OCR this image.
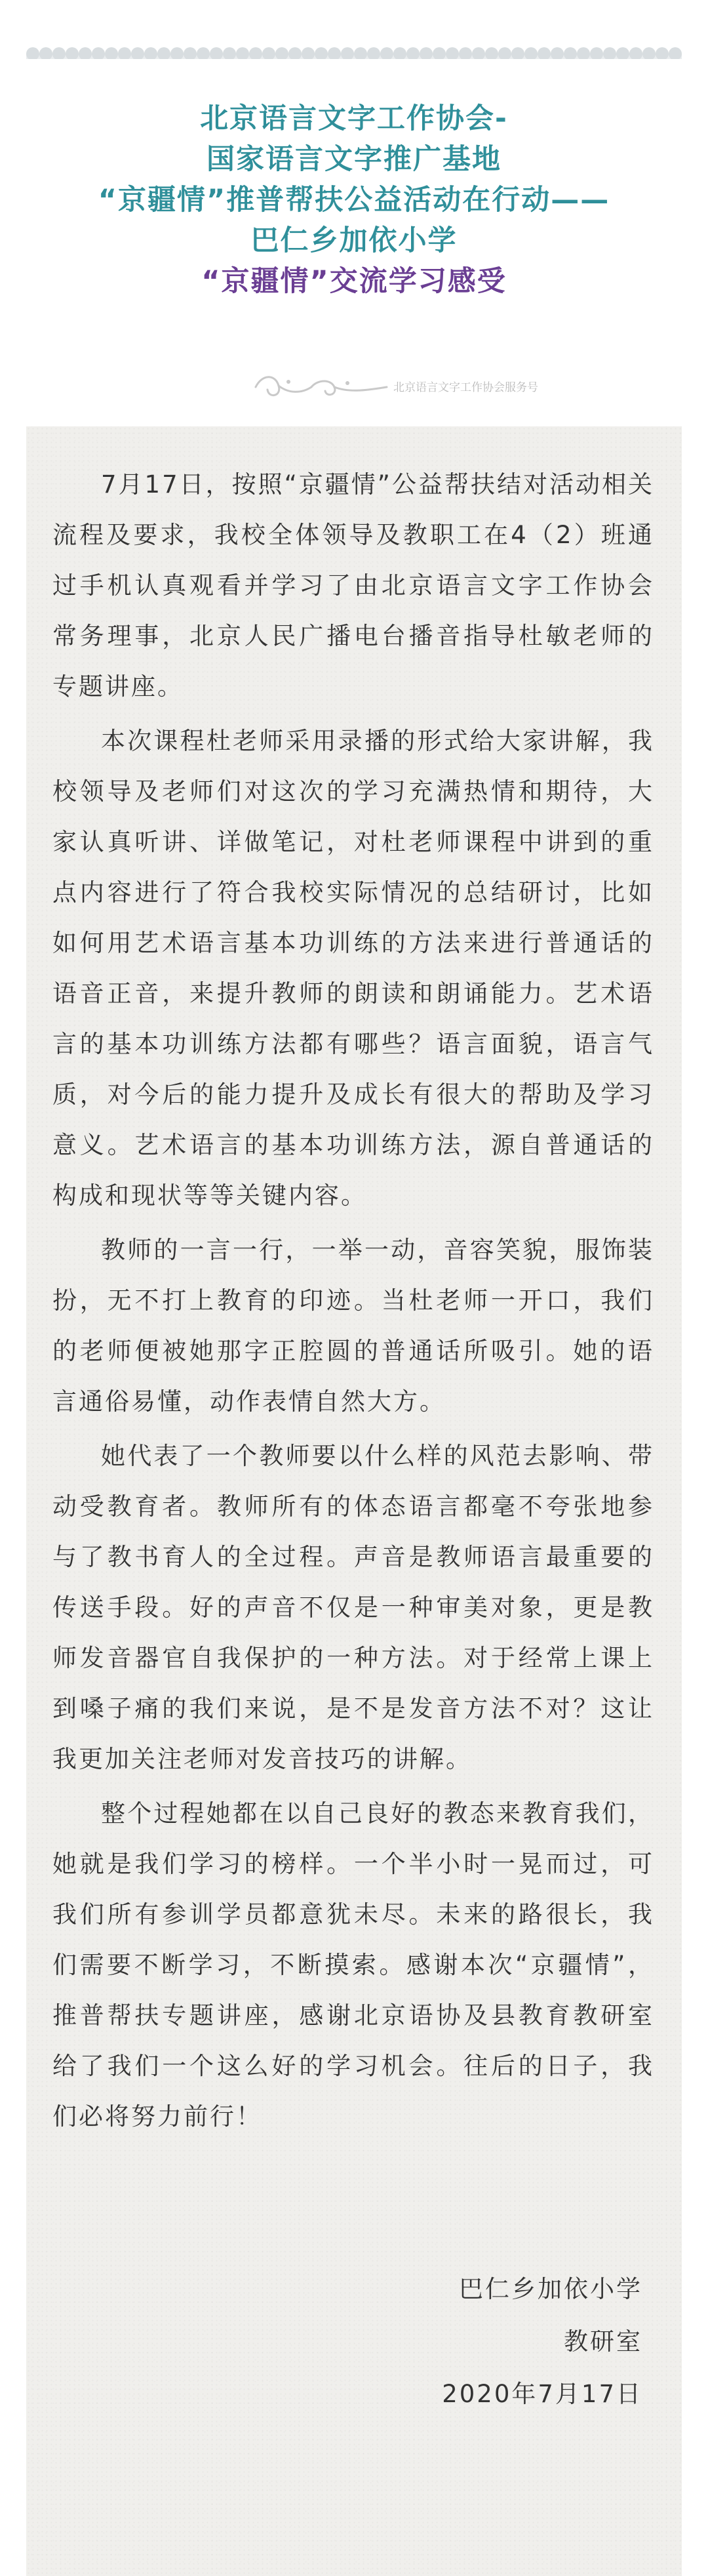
北京语言文字工作协会-
国家语言文字推广基地
“京疆情”推普帮扶公益活动在行动——
巴仁乡加依小学
“京疆情”交流学习感受
北京语言文字工作协会服务号

7月17日，按照“京疆情”公益帮扶结对活动相关流程及要求，我校全体领导及教职工在4（2）班通过手机认真观看并学习了由北京语言文字工作协会常务理事，北京人民广播电台播音指导杜敏老师的专题讲座。

本次课程杜老师采用录播的形式给大家讲解，我校领导及老师们对这次的学习充满热情和期待，大家认真听讲、详做笔记，对杜老师课程中讲到的重点内容进行了符合我校实际情况的总结研讨，比如如何用艺术语言基本功训练的方法来进行普通话的语音正音，来提升教师的朗读和朗诵能力。艺术语言的基本功训练方法都有哪些？语言面貌，语言气质，对今后的能力提升及成长有很大的帮助及学习意义。艺术语言的基本功训练方法，源自普通话的构成和现状等等关键内容。

教师的一言一行，一举一动，音容笑貌，服饰装扮，无不打上教育的印迹。当杜老师一开口，我们的老师便被她那字正腔圆的普通话所吸引。她的语言通俗易懂，动作表情自然大方。

她代表了一个教师要以什么样的风范去影响、带动受教育者。教师所有的体态语言都毫不夸张地参与了教书育人的全过程。声音是教师语言最重要的传送手段。好的声音不仅是一种审美对象，更是教师发音器官自我保护的一种方法。对于经常上课上到嗓子痛的我们来说，是不是发音方法不对？这让我更加关注老师对发音技巧的讲解。

整个过程她都在以自己良好的教态来教育我们，她就是我们学习的榜样。一个半小时一晃而过，可我们所有参训学员都意犹未尽。未来的路很长，我们需要不断学习，不断摸索。感谢本次“京疆情”，推普帮扶专题讲座，感谢北京语协及县教育教研室给了我们一个这么好的学习机会。往后的日子，我们必将努力前行！

巴仁乡加依小学
教研室
2020年7月17日
